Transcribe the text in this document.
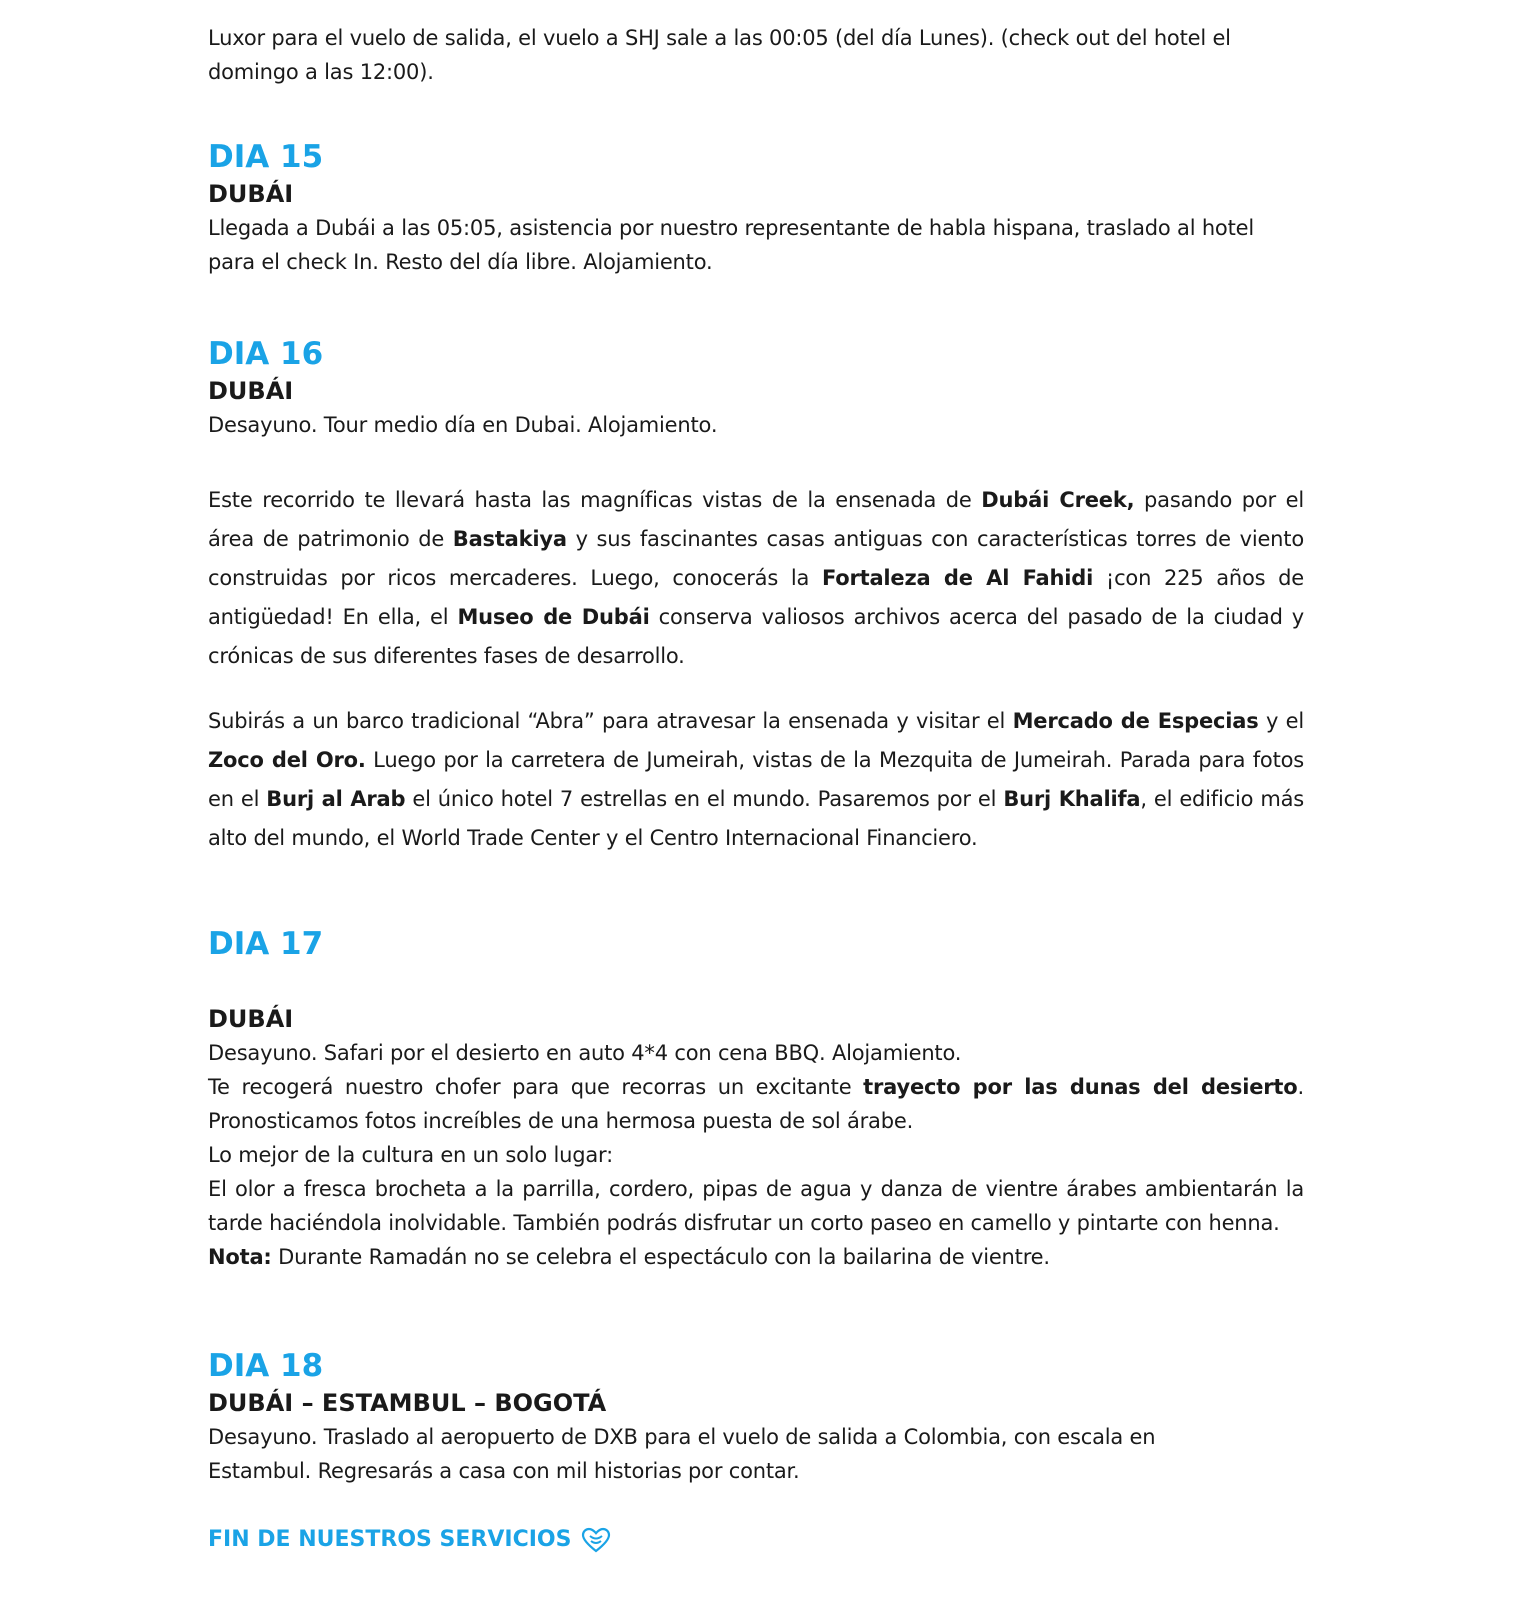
Luxor para el vuelo de salida, el vuelo a SHJ sale a las 00:05 (del día Lunes). (check out del hotel el domingo a las 12:00).

DIA 15
DUBÁI

Llegada a Dubái a las 05:05, asistencia por nuestro representante de habla hispana, traslado al hotel para el check In. Resto del día libre. Alojamiento.

DIA 16
DUBÁI

Desayuno. Tour medio día en Dubai. Alojamiento.

Este recorrido te llevará hasta las magníficas vistas de la ensenada de Dubái Creek, pasando por el área de patrimonio de Bastakiya y sus fascinantes casas antiguas con características torres de viento construidas por ricos mercaderes. Luego, conocerás la Fortaleza de Al Fahidi ¡con 225 años de antigüedad! En ella, el Museo de Dubái conserva valiosos archivos acerca del pasado de la ciudad y crónicas de sus diferentes fases de desarrollo.

Subirás a un barco tradicional “Abra” para atravesar la ensenada y visitar el Mercado de Especias y el Zoco del Oro. Luego por la carretera de Jumeirah, vistas de la Mezquita de Jumeirah. Parada para fotos en el Burj al Arab el único hotel 7 estrellas en el mundo. Pasaremos por el Burj Khalifa, el edificio más alto del mundo, el World Trade Center y el Centro Internacional Financiero.

DIA 17
DUBÁI

Desayuno. Safari por el desierto en auto 4*4 con cena BBQ. Alojamiento.

Te recogerá nuestro chofer para que recorras un excitante trayecto por las dunas del desierto. Pronosticamos fotos increíbles de una hermosa puesta de sol árabe.

Lo mejor de la cultura en un solo lugar:

El olor a fresca brocheta a la parrilla, cordero, pipas de agua y danza de vientre árabes ambientarán la tarde haciéndola inolvidable. También podrás disfrutar un corto paseo en camello y pintarte con henna.

Nota: Durante Ramadán no se celebra el espectáculo con la bailarina de vientre.

DIA 18
DUBÁI – ESTAMBUL – BOGOTÁ

Desayuno. Traslado al aeropuerto de DXB para el vuelo de salida a Colombia, con escala en Estambul. Regresarás a casa con mil historias por contar.

FIN DE NUESTROS SERVICIOS
